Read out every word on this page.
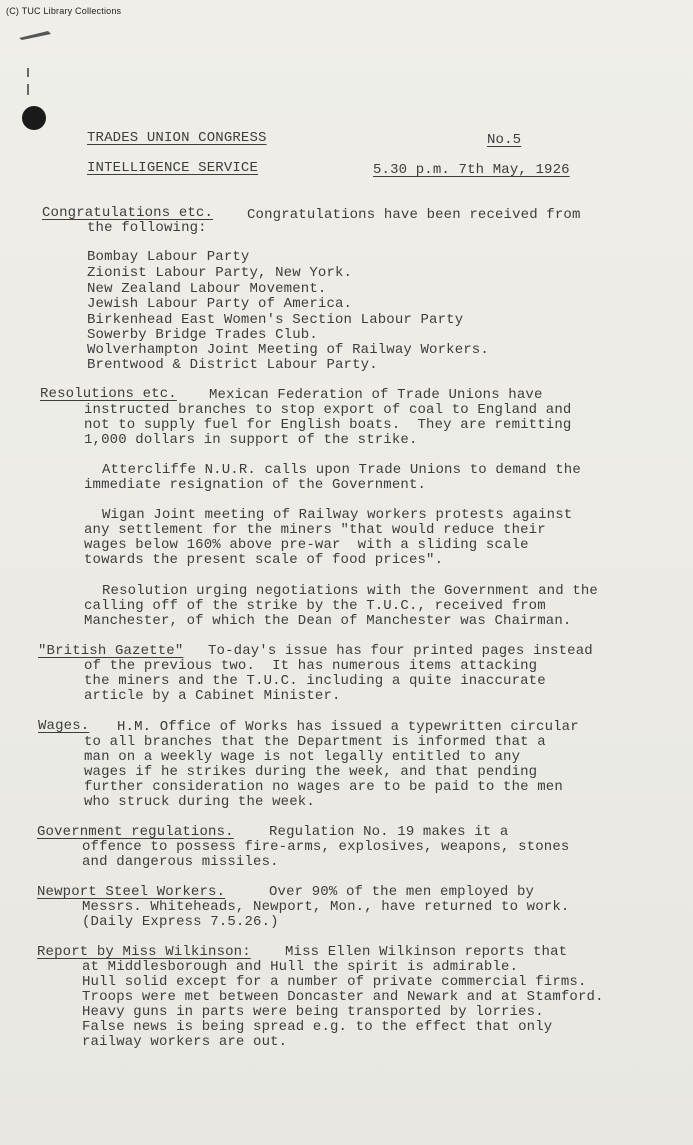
(C) TUC Library Collections
TRADES UNION CONGRESS	No.5
INTELLIGENCE SERVICE	5.30 p.m. 7th May, 1926
Congratulations etc. Congratulations have been received from
the following:
Bombay Labour Party
Zionist Labour Party, New York.
New Zealand Labour Movement.
Jewish Labour Party of America.
Birkenhead East Women's Section Labour Party
Sowerby Bridge Trades Club.
Wolverhampton Joint Meeting of Railway Workers.
Brentwood & District Labour Party.
Resolutions etc. Mexican Federation of Trade Unions have
instructed branches to stop export of coal to England and
not to supply fuel for English boats.  They are remitting
1,000 dollars in support of the strike.
Attercliffe N.U.R. calls upon Trade Unions to demand the
immediate resignation of the Government.
Wigan Joint meeting of Railway workers protests against
any settlement for the miners "that would reduce their
wages below 160% above pre-war  with a sliding scale
towards the present scale of food prices".
Resolution urging negotiations with the Government and the
calling off of the strike by the T.U.C., received from
Manchester, of which the Dean of Manchester was Chairman.
"British Gazette" To-day's issue has four printed pages instead
of the previous two.  It has numerous items attacking
the miners and the T.U.C. including a quite inaccurate
article by a Cabinet Minister.
Wages. H.M. Office of Works has issued a typewritten circular
to all branches that the Department is informed that a
man on a weekly wage is not legally entitled to any
wages if he strikes during the week, and that pending
further consideration no wages are to be paid to the men
who struck during the week.
Government regulations.	Regulation No. 19 makes it a
offence to possess fire-arms, explosives, weapons, stones
and dangerous missiles.
Newport Steel Workers.	Over 90% of the men employed by
Messrs. Whiteheads, Newport, Mon., have returned to work.
(Daily Express 7.5.26.)
Report by Miss Wilkinson: Miss Ellen Wilkinson reports that
at Middlesborough and Hull the spirit is admirable.
Hull solid except for a number of private commercial firms.
Troops were met between Doncaster and Newark and at Stamford.
Heavy guns in parts were being transported by lorries.
False news is being spread e.g. to the effect that only
railway workers are out.
